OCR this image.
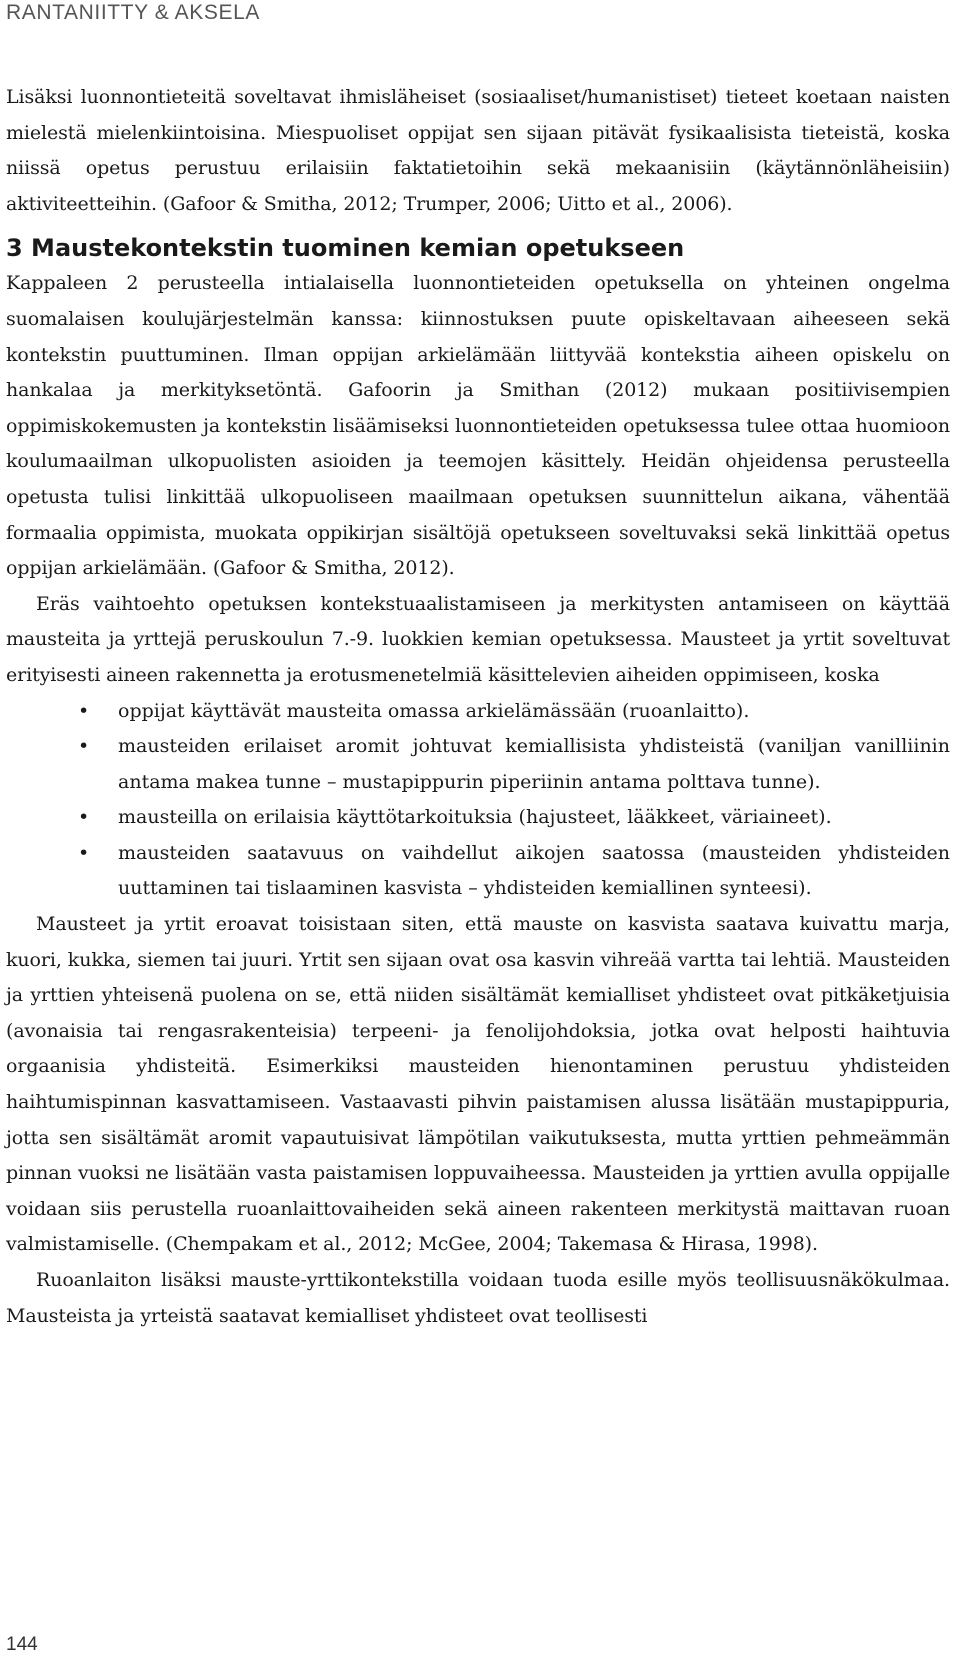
RANTANIITTY & AKSELA

Lisäksi luonnontieteitä soveltavat ihmisläheiset (sosiaaliset/humanistiset) tieteet koetaan naisten mielestä mielenkiintoisina. Miespuoliset oppijat sen sijaan pitävät fysikaalisista tieteistä, koska niissä opetus perustuu erilaisiin faktatietoihin sekä mekaanisiin (käytännönläheisiin) aktiviteetteihin. (Gafoor & Smitha, 2012; Trumper, 2006; Uitto et al., 2006).

3 Maustekontekstin tuominen kemian opetukseen

Kappaleen 2 perusteella intialaisella luonnontieteiden opetuksella on yhteinen ongelma suomalaisen koulujärjestelmän kanssa: kiinnostuksen puute opiskeltavaan aiheeseen sekä kontekstin puuttuminen. Ilman oppijan arkielämään liittyvää kontekstia aiheen opiskelu on hankalaa ja merkityksetöntä. Gafoorin ja Smithan (2012) mukaan positiivisempien oppimiskokemusten ja kontekstin lisäämiseksi luonnontieteiden opetuksessa tulee ottaa huomioon koulumaailman ulkopuolisten asioiden ja teemojen käsittely. Heidän ohjeidensa perusteella opetusta tulisi linkittää ulkopuoliseen maailmaan opetuksen suunnittelun aikana, vähentää formaalia oppimista, muokata oppikirjan sisältöjä opetukseen soveltuvaksi sekä linkittää opetus oppijan arkielämään. (Gafoor & Smitha, 2012).

Eräs vaihtoehto opetuksen kontekstuaalistamiseen ja merkitysten antamiseen on käyttää mausteita ja yrttejä peruskoulun 7.-9. luokkien kemian opetuksessa. Mausteet ja yrtit soveltuvat erityisesti aineen rakennetta ja erotusmenetelmiä käsittelevien aiheiden oppimiseen, koska

• oppijat käyttävät mausteita omassa arkielämässään (ruoanlaitto).
• mausteiden erilaiset aromit johtuvat kemiallisista yhdisteistä (vaniljan vanilliinin antama makea tunne – mustapippurin piperiinin antama polttava tunne).
• mausteilla on erilaisia käyttötarkoituksia (hajusteet, lääkkeet, väriaineet).
• mausteiden saatavuus on vaihdellut aikojen saatossa (mausteiden yhdisteiden uuttaminen tai tislaaminen kasvista – yhdisteiden kemiallinen synteesi).

Mausteet ja yrtit eroavat toisistaan siten, että mauste on kasvista saatava kuivattu marja, kuori, kukka, siemen tai juuri. Yrtit sen sijaan ovat osa kasvin vihreää vartta tai lehtiä. Mausteiden ja yrttien yhteisenä puolena on se, että niiden sisältämät kemialliset yhdisteet ovat pitkäketjuisia (avonaisia tai rengasrakenteisia) terpeeni- ja fenolijohdoksia, jotka ovat helposti haihtuvia orgaanisia yhdisteitä. Esimerkiksi mausteiden hienontaminen perustuu yhdisteiden haihtumispinnan kasvattamiseen. Vastaavasti pihvin paistamisen alussa lisätään mustapippuria, jotta sen sisältämät aromit vapautuisivat lämpötilan vaikutuksesta, mutta yrttien pehmeämmän pinnan vuoksi ne lisätään vasta paistamisen loppuvaiheessa. Mausteiden ja yrttien avulla oppijalle voidaan siis perustella ruoanlaittovaiheiden sekä aineen rakenteen merkitystä maittavan ruoan valmistamiselle. (Chempakam et al., 2012; McGee, 2004; Takemasa & Hirasa, 1998).

Ruoanlaiton lisäksi mauste-yrttikontekstilla voidaan tuoda esille myös teollisuusnäkökulmaa. Mausteista ja yrteistä saatavat kemialliset yhdisteet ovat teollisesti

144
